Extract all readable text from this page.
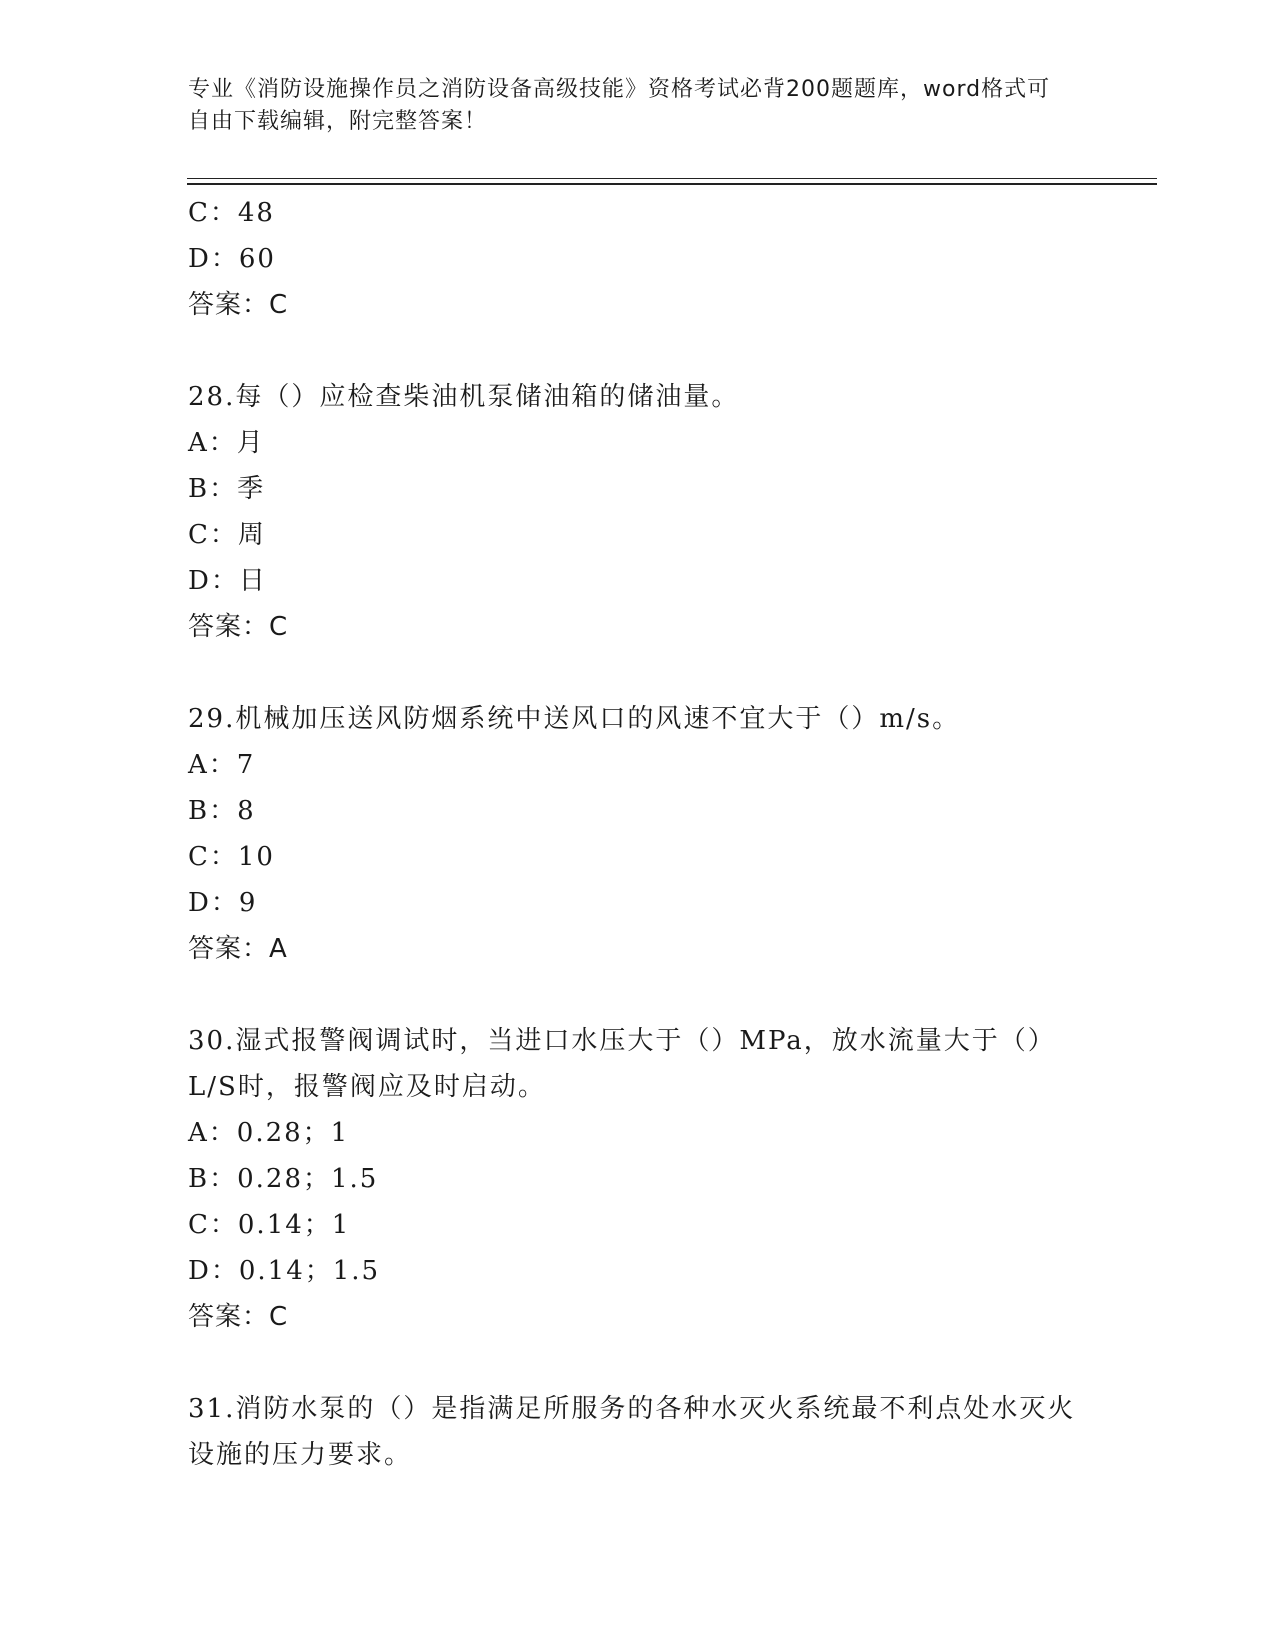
专业《消防设施操作员之消防设备高级技能》资格考试必背200题题库，word格式可自由下载编辑，附完整答案！
C：48
D：60
答案：C
28.每（）应检查柴油机泵储油箱的储油量。
A：月
B：季
C：周
D：日
答案：C
29.机械加压送风防烟系统中送风口的风速不宜大于（）m/s。
A：7
B：8
C：10
D：9
答案：A
30.湿式报警阀调试时，当进口水压大于（）MPa，放水流量大于（）L/S时，报警阀应及时启动。
A：0.28；1
B：0.28；1.5
C：0.14；1
D：0.14；1.5
答案：C
31.消防水泵的（）是指满足所服务的各种水灭火系统最不利点处水灭火设施的压力要求。
